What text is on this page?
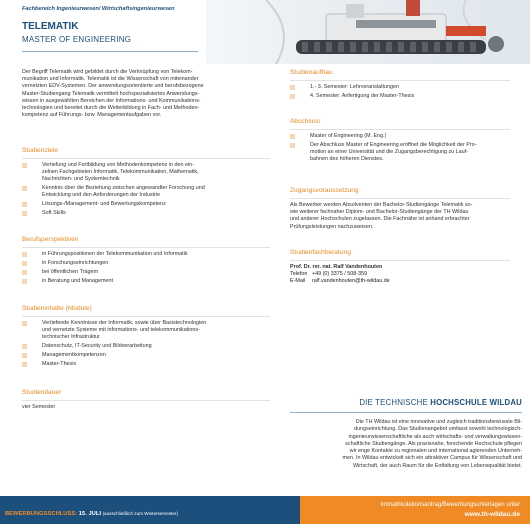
Fachbereich Ingenieurwesen/ Wirtschaftsingenieurwesen
TELEMATIK
MASTER OF ENGINEERING
Der Begriff Telematik wird gebildet durch die Verknüpfung von Telekom-
munikation und Informatik. Telematik ist die Wissenschaft von miteinander
vernetzten EDV-Systemen. Der anwendungsorientierte und berufsbezogene
Master-Studiengang Telematik vermittelt hochspezialisiertes Anwendungs-
wissen in ausgewählten Bereichen der Informations- und Kommunikations-
technologien und bereitet durch die Weiterbildung in Fach- und Methoden-
kompetenz auf Führungs- bzw. Managementaufgaben vor.
Studienziele
Vertiefung und Fortbildung von Methodenkompetenz in den ein-
zelnen Fachgebieten Informatik, Telekommunikation, Mathematik,
Nachrichten- und Systemtechnik
Kenntnis über die Beziehung zwischen angewandter Forschung und
Entwicklung und den Anforderungen der Industrie
Lösungs-/Management- und Bewertungskompetenz
Soft Skills
Berufsperspektiven
in Führungspositionen der Telekommunikation und Informatik
in Forschungseinrichtungen
bei öffentlichen Trägern
in Beratung und Management
Studieninhalte (Module)
Vertiefende Kenntnisse der Informatik, sowie über Basistechnologien
und vernetzte Systeme mit informations- und telekommunikations-
technischer Infrastruktur
Datenschutz, IT-Security und Bildverarbeitung
Managementkompetenzen
Master-Thesis
Studiendauer
vier Semester
Studienaufbau
1.- 3. Semester: Lehrveranstaltungen
4. Semester: Anfertigung der Master-Thesis
Abschluss
Master of Engineering (M. Eng.)
Der Abschluss Master of Engineering eröffnet die Möglichkeit der Pro-
motion an einer Universität und die Zugangsberechtigung zu Lauf-
bahnen des höheren Dienstes.
Zugangsvoraussetzung
Als Bewerber werden Absolventen der Bachelor-Studiengänge Telematik so-
wie weiterer fachnaher Diplom- und Bachelor-Studiengänge der TH Wildau
und anderer Hochschulen zugelassen. Die Fachnähe ist anhand erbrachter
Prüfungsleistungen nachzuweisen.
Studienfachberatung
Prof. Dr. rer. nat. Ralf Vandenhouten
Telefon +49 (0) 3375 / 508-359
E-Mail	ralf.vandenhouten@th-wildau.de
DIE TECHNISCHE HOCHSCHULE WILDAU
Die TH Wildau ist eine innovative und zugleich traditionsbewusste Bil-
dungseinrichtung. Das Studienangebot umfasst sowohl technologisch-
ingenieurwissenschaftliche als auch wirtschafts- und verwaltungswissen-
schaftliche Studiengänge. Als praxisnahe, forschende Hochschule pflegen
wir enge Kontakte zu regionalen und international agierenden Unterneh-
men. In Wildau entwickelt sich ein attraktiver Campus für Wissenschaft und
Wirtschaft, der auch Raum für die Entfaltung von Lebensqualität bietet.
BEWERBUNGSSCHLUSS: 15. JULI (ausschließlich zum Wintersemester)
Immatrikulationsantrag/Bewerbungsunterlagen unter
www.th-wildau.de
